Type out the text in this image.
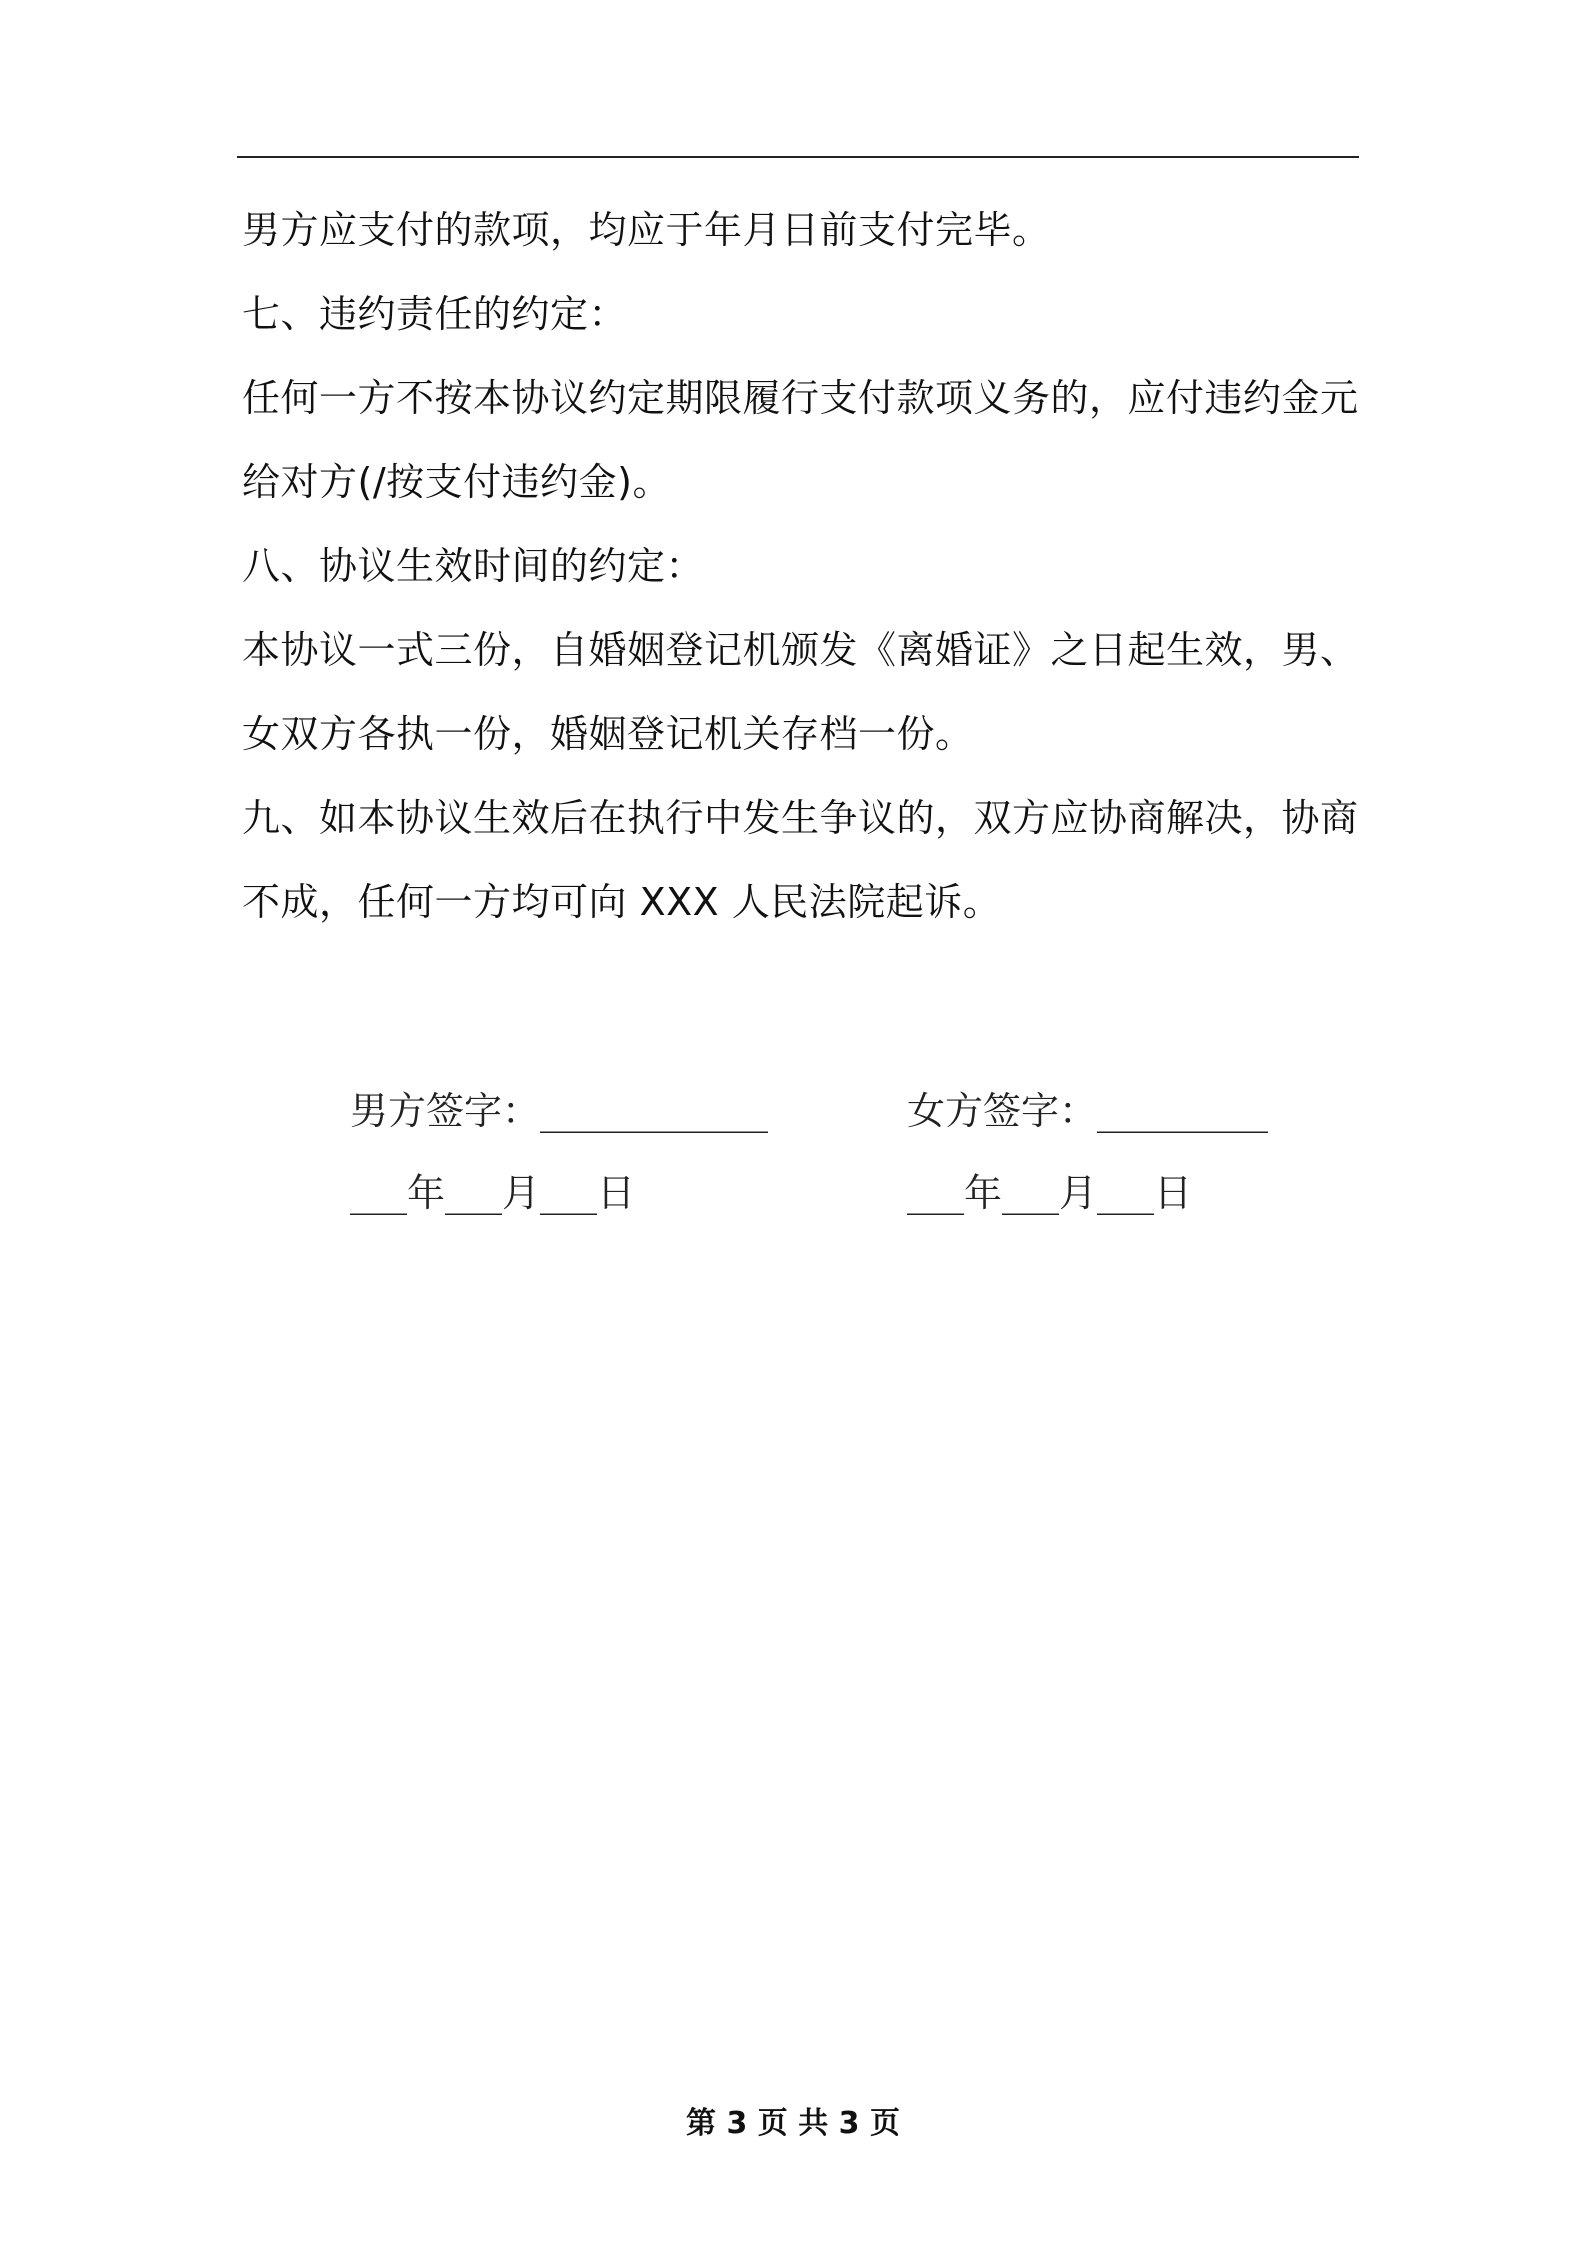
男方应支付的款项，均应于年月日前支付完毕。

七、违约责任的约定：

任何一方不按本协议约定期限履行支付款项义务的，应付违约金元给对方(/按支付违约金)。

八、协议生效时间的约定：

本协议一式三份，自婚姻登记机颁发《离婚证》之日起生效，男、女双方各执一份，婚姻登记机关存档一份。

九、如本协议生效后在执行中发生争议的，双方应协商解决，协商不成，任何一方均可向 XXX 人民法院起诉。

男方签字：____________	女方签字：_________
___年___月___日	___年___月___日
第 3 页 共 3 页
